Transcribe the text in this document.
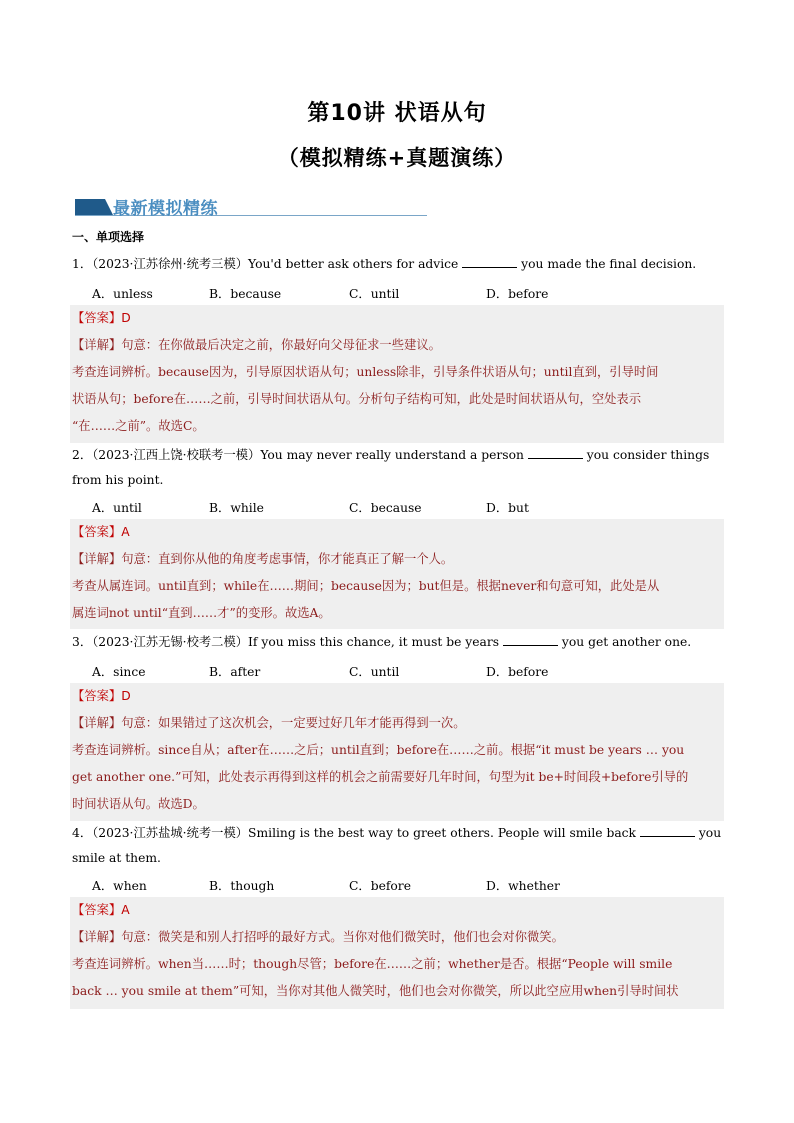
第10讲 状语从句
（模拟精练+真题演练）
最新模拟精练
一、单项选择
1．（2023·江苏徐州·统考三模）You'd better ask others for advice	you made the final decision.
A．unless	B．because	C．until	D．before

【答案】D

【详解】句意：在你做最后决定之前，你最好向父母征求一些建议。

考查连词辨析。because因为，引导原因状语从句；unless除非，引导条件状语从句；until直到，引导时间

状语从句；before在……之前，引导时间状语从句。分析句子结构可知，此处是时间状语从句，空处表示

“在……之前”。故选C。

2．（2023·江西上饶·校联考一模）You may never really understand a person	you consider things
from his point.
A．until	B．while	C．because	D．but

【答案】A

【详解】句意：直到你从他的角度考虑事情，你才能真正了解一个人。

考查从属连词。until直到；while在……期间；because因为；but但是。根据never和句意可知，此处是从

属连词not until“直到……才”的变形。故选A。

3．（2023·江苏无锡·校考二模）If you miss this chance, it must be years	you get another one.
A．since	B．after	C．until	D．before

【答案】D

【详解】句意：如果错过了这次机会，一定要过好几年才能再得到一次。

考查连词辨析。since自从；after在……之后；until直到；before在……之前。根据“it must be years … you

get another one.”可知，此处表示再得到这样的机会之前需要好几年时间，句型为it be+时间段+before引导的

时间状语从句。故选D。

4．（2023·江苏盐城·统考一模）Smiling is the best way to greet others. People will smile back	you
smile at them.
A．when	B．though	C．before	D．whether

【答案】A

【详解】句意：微笑是和别人打招呼的最好方式。当你对他们微笑时，他们也会对你微笑。

考查连词辨析。when当……时；though尽管；before在……之前；whether是否。根据“People will smile

back … you smile at them”可知，当你对其他人微笑时，他们也会对你微笑，所以此空应用when引导时间状
